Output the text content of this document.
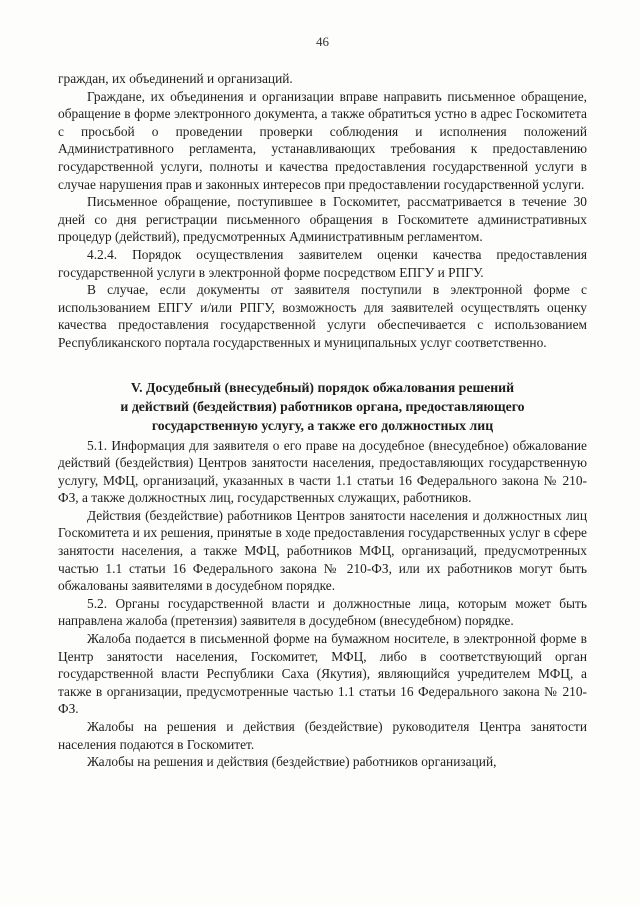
46

граждан, их объединений и организаций.

Граждане, их объединения и организации вправе направить письменное обращение, обращение в форме электронного документа, а также обратиться устно в адрес Госкомитета с просьбой о проведении проверки соблюдения и исполнения положений Административного регламента, устанавливающих требования к предоставлению государственной услуги, полноты и качества предоставления государственной услуги в случае нарушения прав и законных интересов при предоставлении государственной услуги.

Письменное обращение, поступившее в Госкомитет, рассматривается в течение 30 дней со дня регистрации письменного обращения в Госкомитете административных процедур (действий), предусмотренных Административным регламентом.

4.2.4. Порядок осуществления заявителем оценки качества предоставления государственной услуги в электронной форме посредством ЕПГУ и РПГУ.

В случае, если документы от заявителя поступили в электронной форме с использованием ЕПГУ и/или РПГУ, возможность для заявителей осуществлять оценку качества предоставления государственной услуги обеспечивается с использованием Республиканского портала государственных и муниципальных услуг соответственно.

V. Досудебный (внесудебный) порядок обжалования решений
и действий (бездействия) работников органа, предоставляющего
государственную услугу, а также его должностных лиц

5.1. Информация для заявителя о его праве на досудебное (внесудебное) обжалование действий (бездействия) Центров занятости населения, предоставляющих государственную услугу, МФЦ, организаций, указанных в части 1.1 статьи 16 Федерального закона № 210-ФЗ, а также должностных лиц, государственных служащих, работников.

Действия (бездействие) работников Центров занятости населения и должностных лиц Госкомитета и их решения, принятые в ходе предоставления государственных услуг в сфере занятости населения, а также МФЦ, работников МФЦ, организаций, предусмотренных частью 1.1 статьи 16 Федерального закона № 210-ФЗ, или их работников могут быть обжалованы заявителями в досудебном порядке.

5.2. Органы государственной власти и должностные лица, которым может быть направлена жалоба (претензия) заявителя в досудебном (внесудебном) порядке.

Жалоба подается в письменной форме на бумажном носителе, в электронной форме в Центр занятости населения, Госкомитет, МФЦ, либо в соответствующий орган государственной власти Республики Саха (Якутия), являющийся учредителем МФЦ, а также в организации, предусмотренные частью 1.1 статьи 16 Федерального закона № 210-ФЗ.

Жалобы на решения и действия (бездействие) руководителя Центра занятости населения подаются в Госкомитет.

Жалобы на решения и действия (бездействие) работников организаций,
